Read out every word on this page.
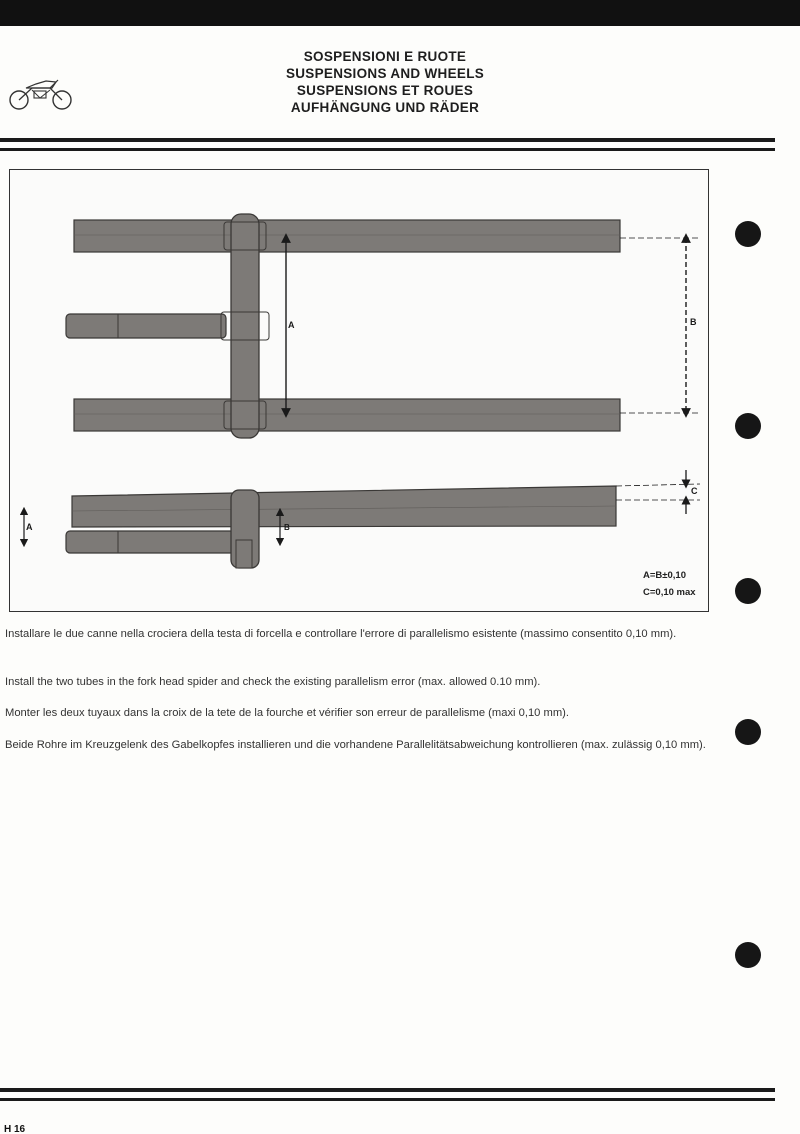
SOSPENSIONI E RUOTE
SUSPENSIONS AND WHEELS
SUSPENSIONS ET ROUES
AUFHÄNGUNG UND RÄDER
A	B
C
B
A
A=B±0,10
C=0,10 max
Installare le due canne nella crociera della testa di forcella e controllare l'errore di parallelismo esistente (massimo consentito 0,10 mm).
Install the two tubes in the fork head spider and check the existing parallelism error (max. allowed 0.10 mm).
Monter les deux tuyaux dans la croix de la tete de la fourche et vérifier son erreur de parallelisme (maxi 0,10 mm).
Beide Rohre im Kreuzgelenk des Gabelkopfes installieren und die vorhandene Parallelitätsabweichung kontrollieren (max. zulässig 0,10 mm).
H 16
